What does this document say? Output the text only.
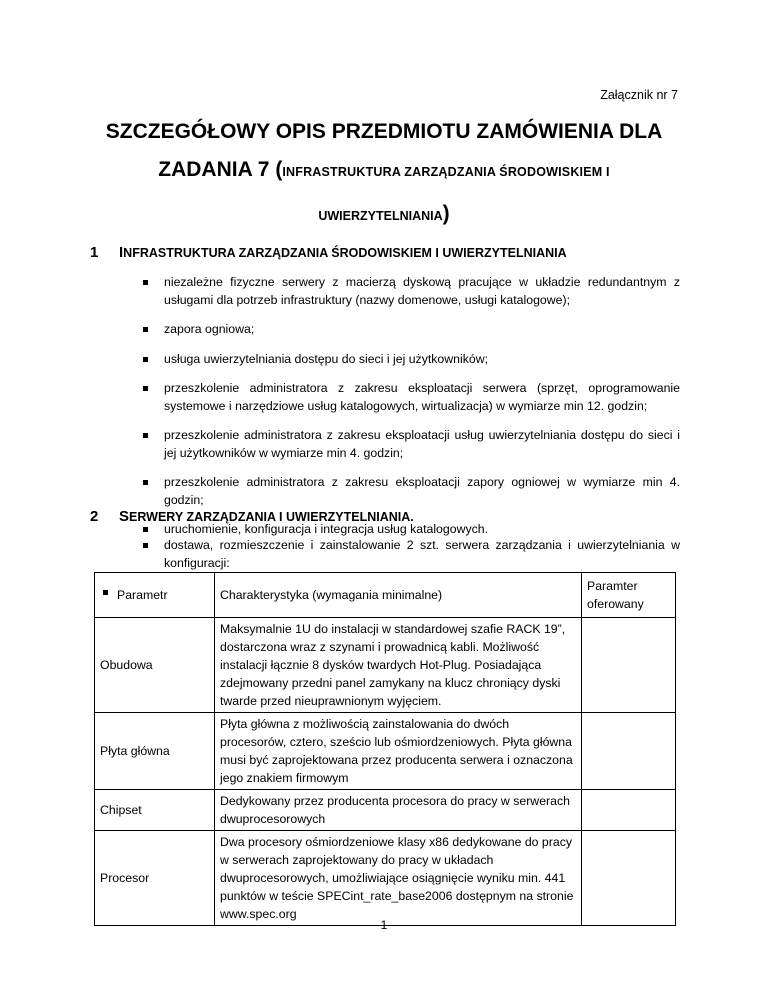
Załącznik nr 7
SZCZEGÓŁOWY OPIS PRZEDMIOTU ZAMÓWIENIA DLA
ZADANIA 7 (INFRASTRUKTURA ZARZĄDZANIA ŚRODOWISKIEM I
UWIERZYTELNIANIA)
1	INFRASTRUKTURA ZARZĄDZANIA ŚRODOWISKIEM I UWIERZYTELNIANIA
niezależne fizyczne serwery z macierzą dyskową pracujące w układzie redundantnym z usługami dla potrzeb infrastruktury (nazwy domenowe, usługi katalogowe);
zapora ogniowa;
usługa uwierzytelniania dostępu do sieci i jej użytkowników;
przeszkolenie administratora z zakresu eksploatacji serwera (sprzęt, oprogramowanie systemowe i narzędziowe usług katalogowych, wirtualizacja) w wymiarze min 12. godzin;
przeszkolenie administratora z zakresu eksploatacji usług uwierzytelniania dostępu do sieci i jej użytkowników w wymiarze min 4. godzin;
przeszkolenie administratora z zakresu eksploatacji zapory ogniowej w wymiarze min 4. godzin;
uruchomienie, konfiguracja i integracja usług katalogowych.
2	SERWERY ZARZĄDZANIA I UWIERZYTELNIANIA.
dostawa, rozmieszczenie i zainstalowanie 2 szt. serwera zarządzania i uwierzytelniania w konfiguracji:
Parametr	Charakterystyka (wymagania minimalne)	Paramter oferowany
Obudowa	Maksymalnie 1U do instalacji w standardowej szafie RACK 19”, dostarczona wraz z szynami i prowadnicą kabli. Możliwość instalacji łącznie 8 dysków twardych Hot-Plug. Posiadająca zdejmowany przedni panel zamykany na klucz chroniący dyski twarde przed nieuprawnionym wyjęciem.	
Płyta główna	Płyta główna z możliwością zainstalowania do dwóch procesorów, cztero, sześcio lub ośmiordzeniowych. Płyta główna musi być zaprojektowana przez producenta serwera i oznaczona jego znakiem firmowym	
Chipset	Dedykowany przez producenta procesora do pracy w serwerach dwuprocesorowych	
Procesor	Dwa procesory ośmiordzeniowe klasy x86 dedykowane do pracy w serwerach zaprojektowany do pracy w układach dwuprocesorowych, umożliwiające osiągnięcie wyniku min. 441 punktów w teście SPECint_rate_base2006 dostępnym na stronie www.spec.org	
1
